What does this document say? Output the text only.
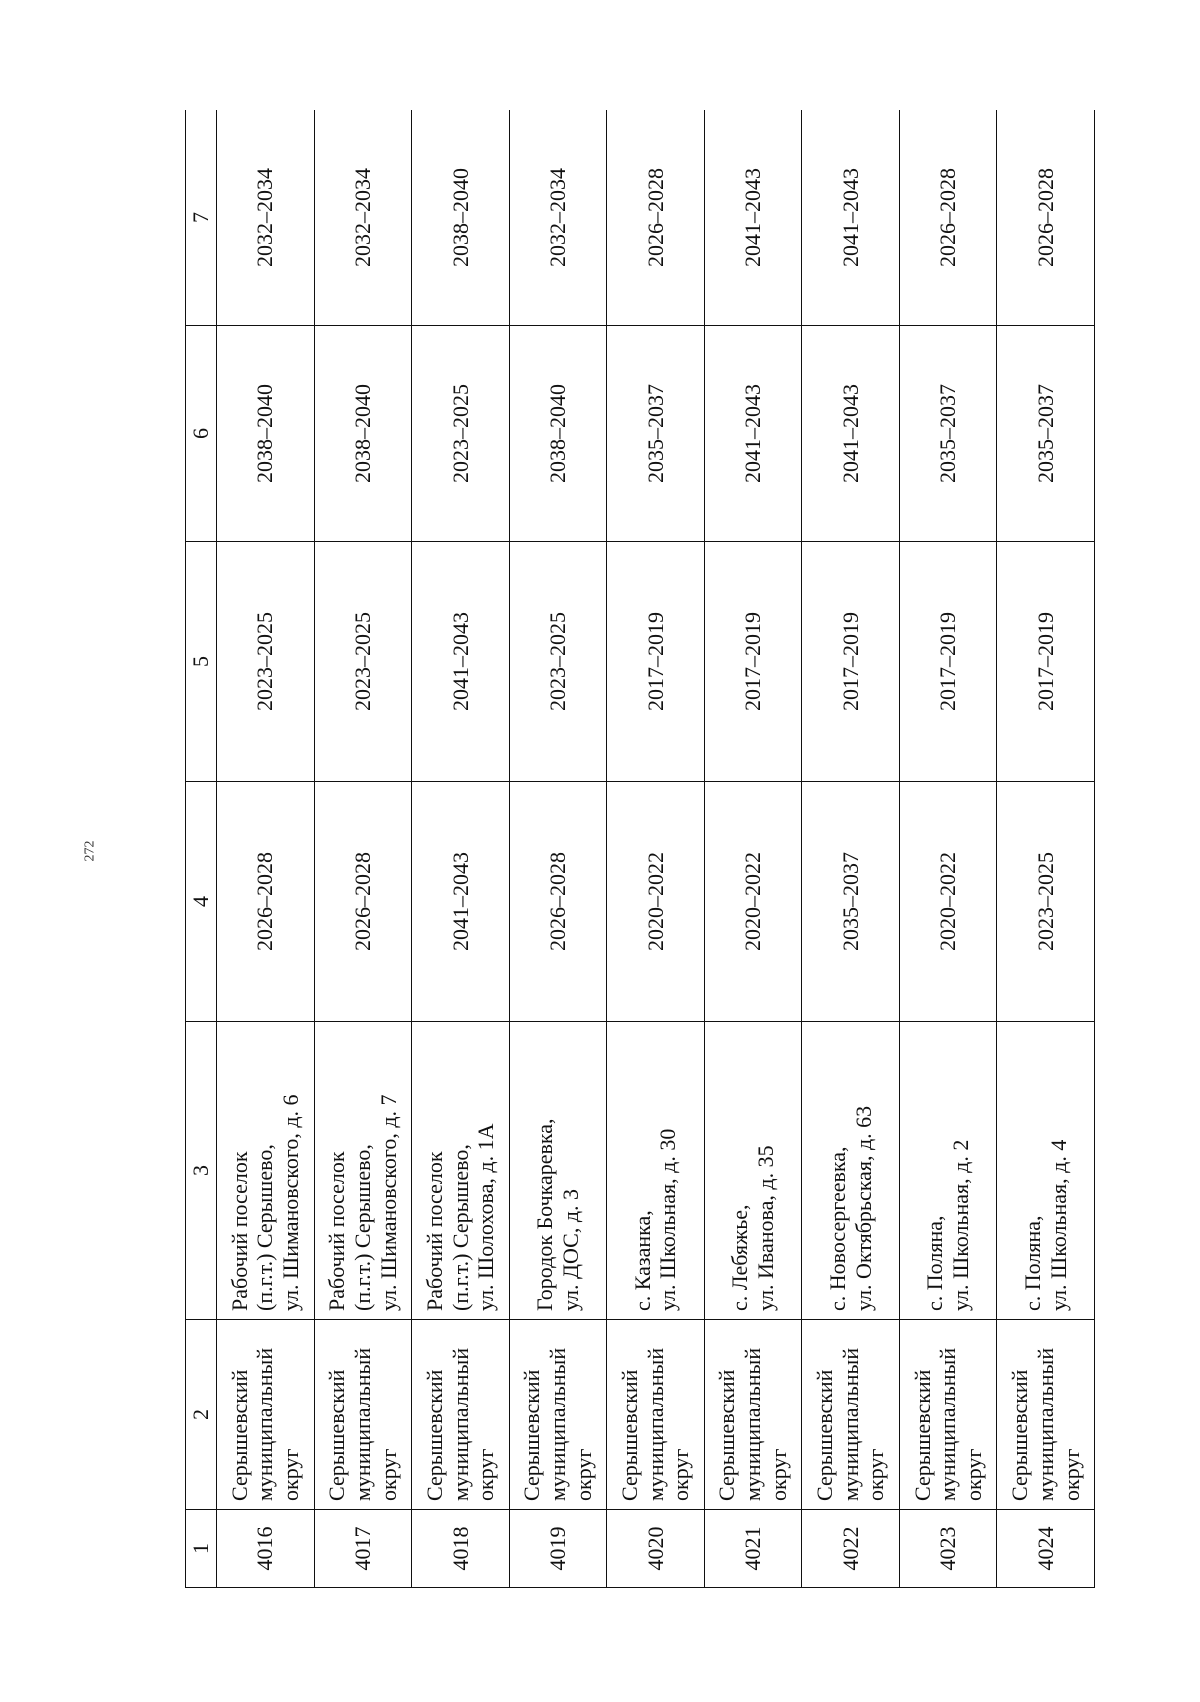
272
1	2	3	4	5	6	7
4016	Серышевский
муниципальный
округ	Рабочий поселок
(п.г.т.) Серышево,
ул. Шимановского, д. 6	2026–2028	2023–2025	2038–2040	2032–2034
4017	Серышевский
муниципальный
округ	Рабочий поселок
(п.г.т.) Серышево,
ул. Шимановского, д. 7	2026–2028	2023–2025	2038–2040	2032–2034
4018	Серышевский
муниципальный
округ	Рабочий поселок
(п.г.т.) Серышево,
ул. Шолохова, д. 1А	2041–2043	2041–2043	2023–2025	2038–2040
4019	Серышевский
муниципальный
округ	Городок Бочкаревка,
ул. ДОС, д. 3	2026–2028	2023–2025	2038–2040	2032–2034
4020	Серышевский
муниципальный
округ	с. Казанка,
ул. Школьная, д. 30	2020–2022	2017–2019	2035–2037	2026–2028
4021	Серышевский
муниципальный
округ	с. Лебяжье,
ул. Иванова, д. 35	2020–2022	2017–2019	2041–2043	2041–2043
4022	Серышевский
муниципальный
округ	с. Новосергеевка,
ул. Октябрьская, д. 63	2035–2037	2017–2019	2041–2043	2041–2043
4023	Серышевский
муниципальный
округ	с. Поляна,
ул. Школьная, д. 2	2020–2022	2017–2019	2035–2037	2026–2028
4024	Серышевский
муниципальный
округ	с. Поляна,
ул. Школьная, д. 4	2023–2025	2017–2019	2035–2037	2026–2028
